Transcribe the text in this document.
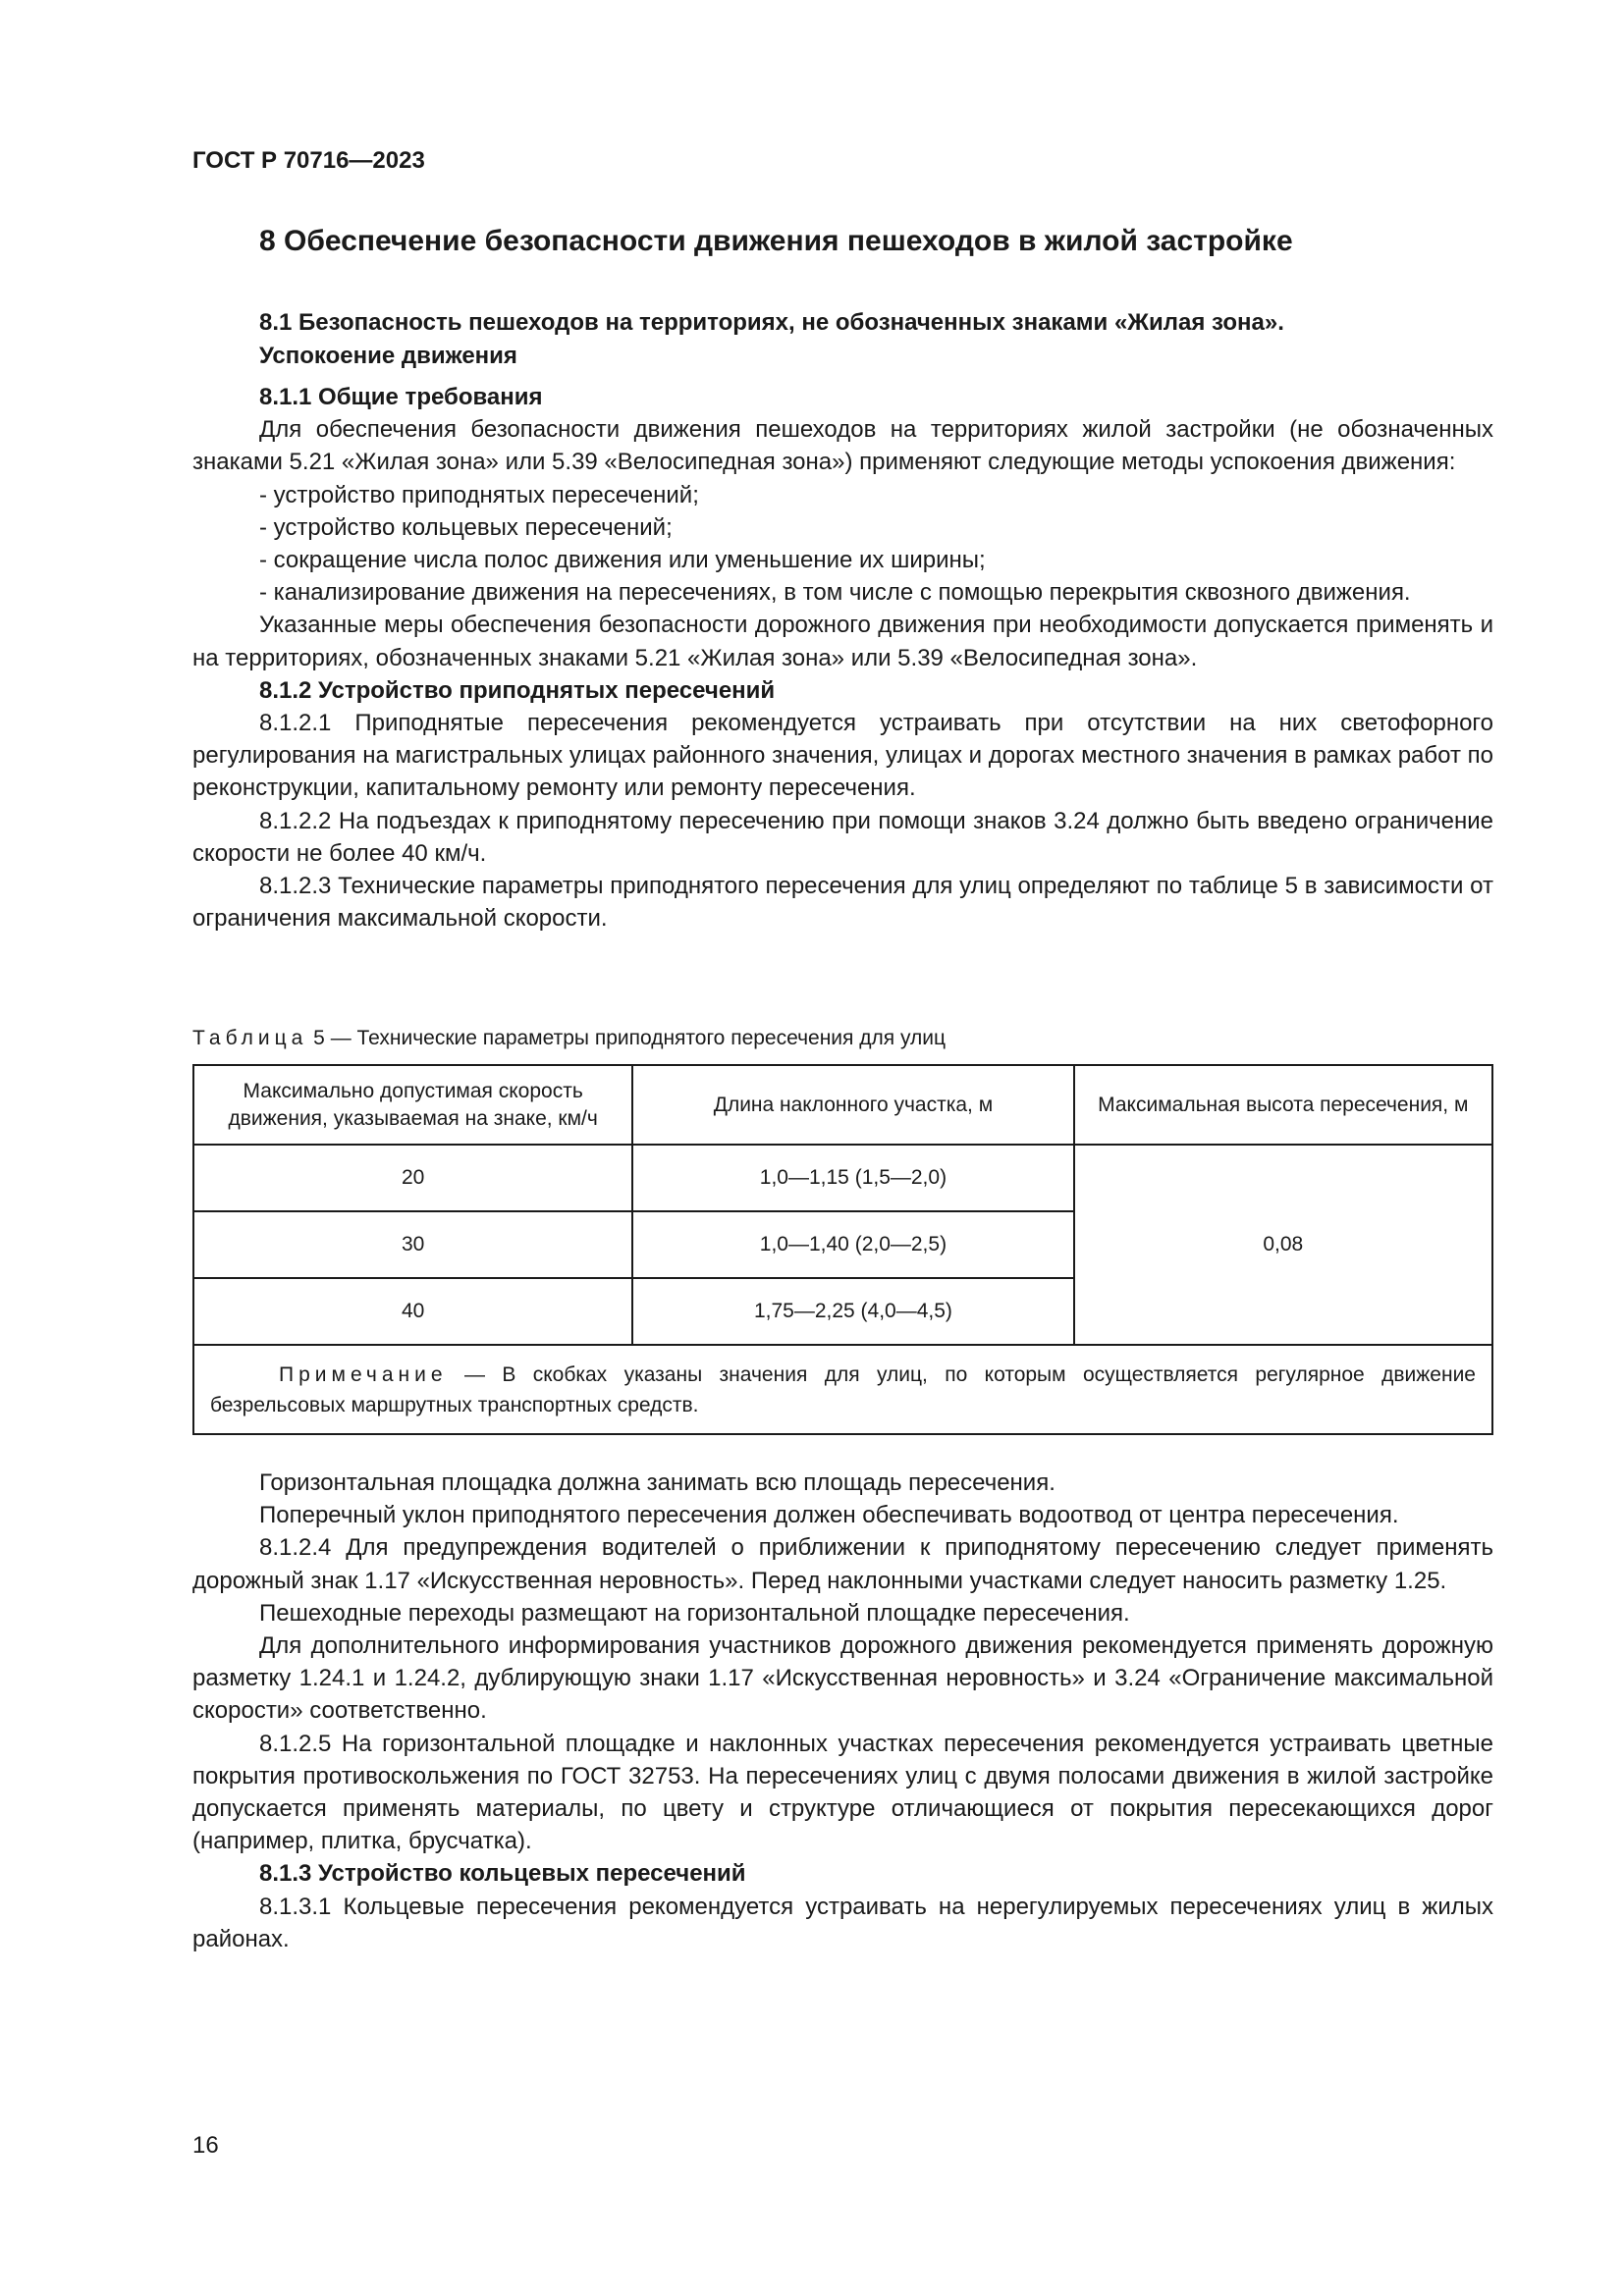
ГОСТ Р 70716—2023

8 Обеспечение безопасности движения пешеходов в жилой застройке

8.1 Безопасность пешеходов на территориях, не обозначенных знаками «Жилая зона».
Успокоение движения

8.1.1 Общие требования

Для обеспечения безопасности движения пешеходов на территориях жилой застройки (не обозначенных знаками 5.21 «Жилая зона» или 5.39 «Велосипедная зона») применяют следующие методы успокоения движения:

- устройство приподнятых пересечений;

- устройство кольцевых пересечений;

- сокращение числа полос движения или уменьшение их ширины;

- канализирование движения на пересечениях, в том числе с помощью перекрытия сквозного движения.

Указанные меры обеспечения безопасности дорожного движения при необходимости допускается применять и на территориях, обозначенных знаками 5.21 «Жилая зона» или 5.39 «Велосипедная зона».

8.1.2 Устройство приподнятых пересечений

8.1.2.1 Приподнятые пересечения рекомендуется устраивать при отсутствии на них светофорного регулирования на магистральных улицах районного значения, улицах и дорогах местного значения в рамках работ по реконструкции, капитальному ремонту или ремонту пересечения.

8.1.2.2 На подъездах к приподнятому пересечению при помощи знаков 3.24 должно быть введено ограничение скорости не более 40 км/ч.

8.1.2.3 Технические параметры приподнятого пересечения для улиц определяют по таблице 5 в зависимости от ограничения максимальной скорости.

Таблица 5 — Технические параметры приподнятого пересечения для улиц

Максимально допустимая скорость движения, указываемая на знаке, км/ч	Длина наклонного участка, м	Максимальная высота пересечения, м
20	1,0—1,15 (1,5—2,0)	0,08
30	1,0—1,40 (2,0—2,5)	
40	1,75—2,25 (4,0—4,5)	
Примечание — В скобках указаны значения для улиц, по которым осуществляется регулярное движение безрельсовых маршрутных транспортных средств.		

Горизонтальная площадка должна занимать всю площадь пересечения.

Поперечный уклон приподнятого пересечения должен обеспечивать водоотвод от центра пересечения.

8.1.2.4 Для предупреждения водителей о приближении к приподнятому пересечению следует применять дорожный знак 1.17 «Искусственная неровность». Перед наклонными участками следует наносить разметку 1.25.

Пешеходные переходы размещают на горизонтальной площадке пересечения.

Для дополнительного информирования участников дорожного движения рекомендуется применять дорожную разметку 1.24.1 и 1.24.2, дублирующую знаки 1.17 «Искусственная неровность» и 3.24 «Ограничение максимальной скорости» соответственно.

8.1.2.5 На горизонтальной площадке и наклонных участках пересечения рекомендуется устраивать цветные покрытия противоскольжения по ГОСТ 32753. На пересечениях улиц с двумя полосами движения в жилой застройке допускается применять материалы, по цвету и структуре отличающиеся от покрытия пересекающихся дорог (например, плитка, брусчатка).

8.1.3 Устройство кольцевых пересечений

8.1.3.1 Кольцевые пересечения рекомендуется устраивать на нерегулируемых пересечениях улиц в жилых районах.

16
